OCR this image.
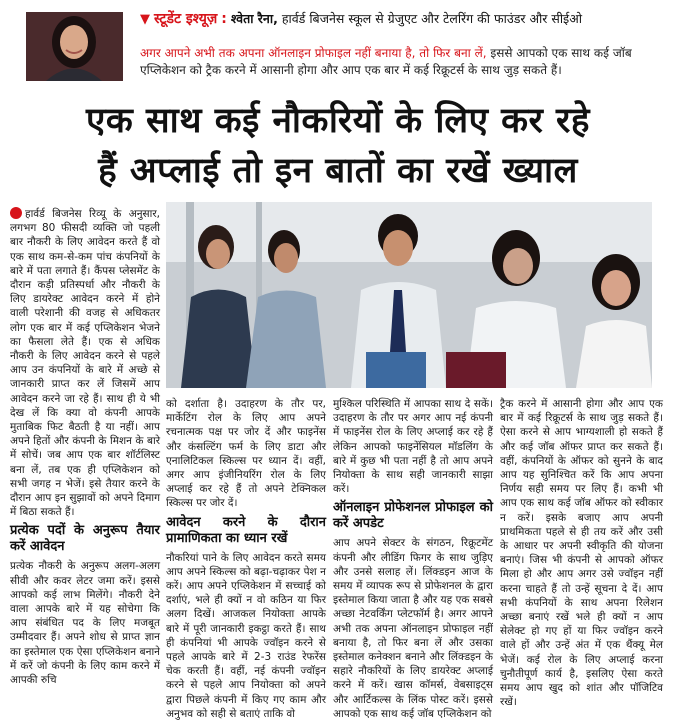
▼ स्टूडेंट इश्यूज़ : श्वेता रैना, हार्वर्ड बिजनेस स्कूल से ग्रेजुएट और टेलरिंग की फाउंडर और सीईओ
अगर आपने अभी तक अपना ऑनलाइन प्रोफाइल नहीं बनाया है, तो फिर बना लें, इससे आपको एक साथ कई जॉब एप्लिकेशन को ट्रैक करने में आसानी होगा और आप एक बार में कई रिक्रूटर्स के साथ जुड़ सकते हैं।
एक साथ कई नौकरियों के लिए कर रहे
हैं अप्लाई तो इन बातों का रखें ख्याल

हार्वर्ड बिजनेस रिव्यू के अनुसार, लगभग 80 फीसदी व्यक्ति जो पहली बार नौकरी के लिए आवेदन करते हैं वो एक साथ कम-से-कम पांच कंपनियों के बारे में पता लगाते हैं। कैंपस प्लेसमेंट के दौरान कड़ी प्रतिस्पर्धा और नौकरी के लिए डायरेक्ट आवेदन करने में होने वाली परेशानी की वजह से अधिकतर लोग एक बार में कई एप्लिकेशन भेजने का फैसला लेते हैं। एक से अधिक नौकरी के लिए आवेदन करने से पहले आप उन कंपनियों के बारे में अच्छे से जानकारी प्राप्त कर लें जिसमें आप आवेदन करने जा रहे हैं। साथ ही ये भी देख लें कि क्या वो कंपनी आपके मुताबिक फिट बैठती है या नहीं। आप अपने हितों और कंपनी के मिशन के बारे में सोचें। जब आप एक बार शॉर्टलिस्ट बना लें, तब एक ही एप्लिकेशन को सभी जगह न भेजें। इसे तैयार करने के दौरान आप इन सुझावों को अपने दिमाग में बिठा सकते हैं।

प्रत्येक पदों के अनुरूप तैयार करें आवेदन

प्रत्येक नौकरी के अनुरूप अलग-अलग सीवी और कवर लेटर जमा करें। इससे आपको कई लाभ मिलेंगे। नौकरी देने वाला आपके बारे में यह सोचेगा कि आप संबंधित पद के लिए मजबूत उम्मीदवार हैं। अपने शोध से प्राप्त ज्ञान का इस्तेमाल एक ऐसा एप्लिकेशन बनाने में करें जो कंपनी के लिए काम करने में आपकी रुचि

को दर्शाता है। उदाहरण के तौर पर, मार्केटिंग रोल के लिए आप अपने रचनात्मक पक्ष पर जोर दें और फाइनेंस और कंसल्टिंग फर्म के लिए डाटा और एनालिटिकल स्किल्स पर ध्यान दें। वहीं, अगर आप इंजीनियरिंग रोल के लिए अप्लाई कर रहे हैं तो अपने टेक्निकल स्किल्स पर जोर दें।

आवेदन करने के दौरान प्रामाणिकता का ध्यान रखें

नौकरियां पाने के लिए आवेदन करते समय आप अपने स्किल्स को बढ़ा-चढ़ाकर पेश न करें। आप अपने एप्लिकेशन में सच्चाई को दर्शाएं, भले ही क्यों न वो कठिन या फिर अलग दिखें। आजकल नियोक्ता आपके बारे में पूरी जानकारी इकट्ठा करते हैं। साथ ही कंपनियां भी आपके ज्वॉइन करने से पहले आपके बारे में 2-3 राउंड रेफरेंस चेक करती हैं। वहीं, नई कंपनी ज्वॉइन करने से पहले आप नियोक्ता को अपने द्वारा पिछले कंपनी में किए गए काम और अनुभव को सही से बताएं ताकि वो

मुश्किल परिस्थिति में आपका साथ दे सकें। उदाहरण के तौर पर अगर आप नई कंपनी में फाइनेंस रोल के लिए अप्लाई कर रहे हैं लेकिन आपको फाइनेंसियल मॉडलिंग के बारे में कुछ भी पता नहीं है तो आप अपने नियोक्ता के साथ सही जानकारी साझा करें।

ऑनलाइन प्रोफेशनल प्रोफाइल को करें अपडेट

आप अपने सेक्टर के संगठन, रिक्रूटमेंट कंपनी और लीडिंग फिगर के साथ जुड़िए और उनसे सलाह लें। लिंक्डइन आज के समय में व्यापक रूप से प्रोफेशनल के द्वारा इस्तेमाल किया जाता है और यह एक सबसे अच्छा नेटवर्किंग प्लेटफॉर्म है। अगर आपने अभी तक अपना ऑनलाइन प्रोफाइल नहीं बनाया है, तो फिर बना लें और उसका इस्तेमाल कनेक्शन बनाने और लिंक्डइन के सहारे नौकरियों के लिए डायरेक्ट अप्लाई करने में करें। खास कॉमर्स, वेबसाइट्स और आर्टिकल्स के लिंक पोस्ट करें। इससे आपको एक साथ कई जॉब एप्लिकेशन को

ट्रैक करने में आसानी होगा और आप एक बार में कई रिक्रूटर्स के साथ जुड़ सकते हैं। ऐसा करने से आप भाग्यशाली हो सकते हैं और कई जॉब ऑफर प्राप्त कर सकते हैं। वहीं, कंपनियों के ऑफर को सुनने के बाद आप यह सुनिश्चित करें कि आप अपना निर्णय सही समय पर लिए हैं। कभी भी आप एक साथ कई जॉब ऑफर को स्वीकार न करें। इसके बजाए आप अपनी प्राथमिकता पहले से ही तय करें और उसी के आधार पर अपनी स्वीकृति की योजना बनाएं। जिस भी कंपनी से आपको ऑफर मिला हो और आप अगर उसे ज्वॉइन नहीं करना चाहते हैं तो उन्हें सूचना दे दें। आप सभी कंपनियों के साथ अपना रिलेशन अच्छा बनाएं रखें भले ही क्यों न आप सेलेक्ट हो गए हों या फिर ज्वॉइन करने वाले हों और उन्हें अंत में एक थैंक्यू मेल भेजें। कई रोल के लिए अप्लाई करना चुनौतीपूर्ण कार्य है, इसलिए ऐसा करते समय आप खुद को शांत और पॉजिटिव रखें।
